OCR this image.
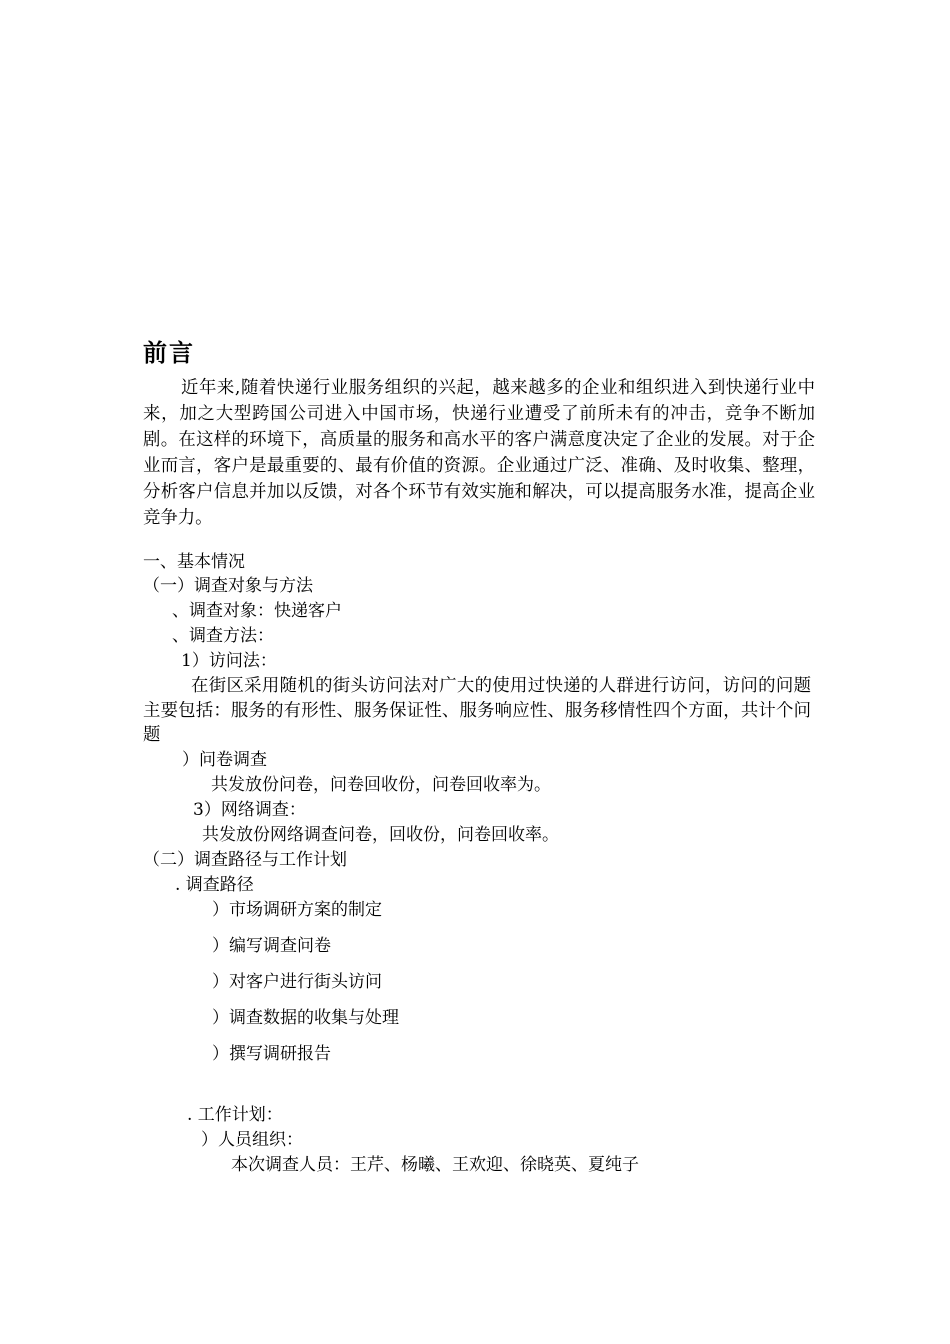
前言

近年来,随着快递行业服务组织的兴起，越来越多的企业和组织进入到快递行业中来，加之大型跨国公司进入中国市场，快递行业遭受了前所未有的冲击，竞争不断加剧。在这样的环境下，高质量的服务和高水平的客户满意度决定了企业的发展。对于企业而言，客户是最重要的、最有价值的资源。企业通过广泛、准确、及时收集、整理，分析客户信息并加以反馈，对各个环节有效实施和解决，可以提高服务水准，提高企业竞争力。

一、基本情况

（一）调查对象与方法

、调查对象：快递客户

、调查方法：

1）访问法：

在街区采用随机的街头访问法对广大的使用过快递的人群进行访问，访问的问题主要包括：服务的有形性、服务保证性、服务响应性、服务移情性四个方面，共计个问题

）问卷调查

共发放份问卷，问卷回收份，问卷回收率为。

3）网络调查：

共发放份网络调查问卷，回收份，问卷回收率。

（二）调查路径与工作计划

. 调查路径

）市场调研方案的制定

）编写调查问卷

）对客户进行街头访问

）调查数据的收集与处理

）撰写调研报告

. 工作计划：

）人员组织：

本次调查人员：王芹、杨曦、王欢迎、徐晓英、夏纯子
